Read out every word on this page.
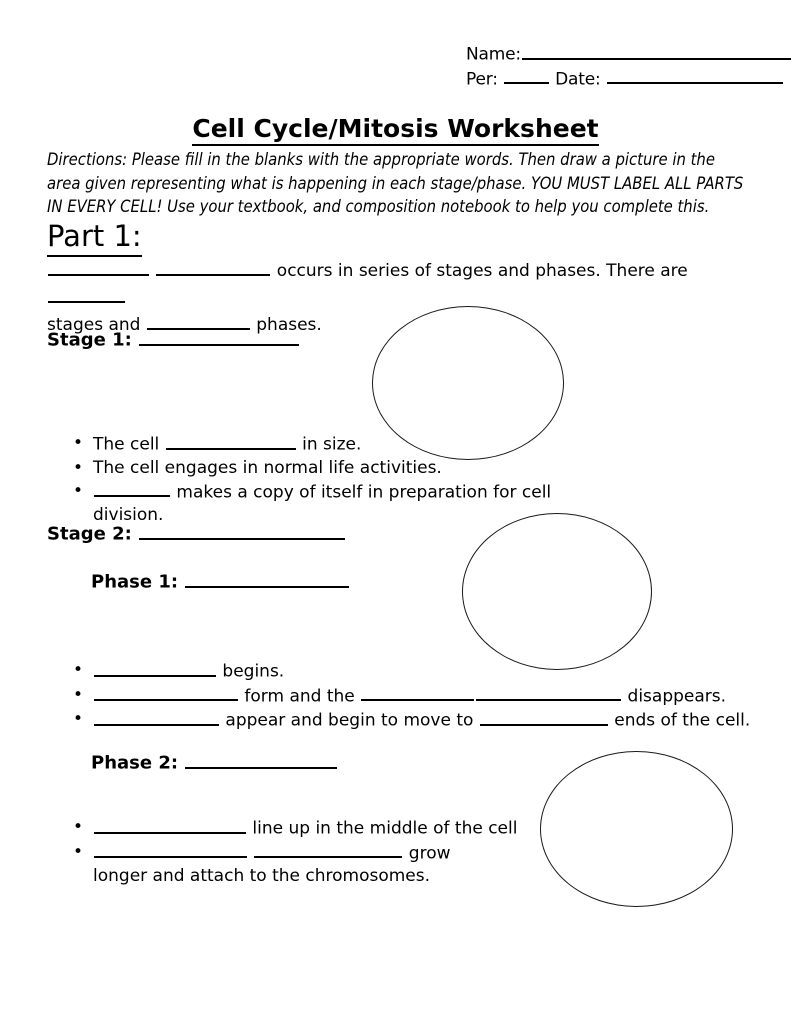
Name:
Per:	Date:
Cell Cycle/Mitosis Worksheet
Directions: Please fill in the blanks with the appropriate words. Then draw a picture in the area given representing what is happening in each stage/phase. YOU MUST LABEL ALL PARTS IN EVERY CELL! Use your textbook, and composition notebook to help you complete this.
Part 1:
occurs in series of stages and phases. There are
stages and	phases.
Stage 1:
• The cell	in size.
• The cell engages in normal life activities.
•	makes a copy of itself in preparation for cell division.
Stage 2:
Phase 1:
•	begins.
•	form and the	disappears.
•	appear and begin to move to	ends of the cell.
Phase 2:
•	line up in the middle of the cell
•	grow
longer and attach to the chromosomes.
